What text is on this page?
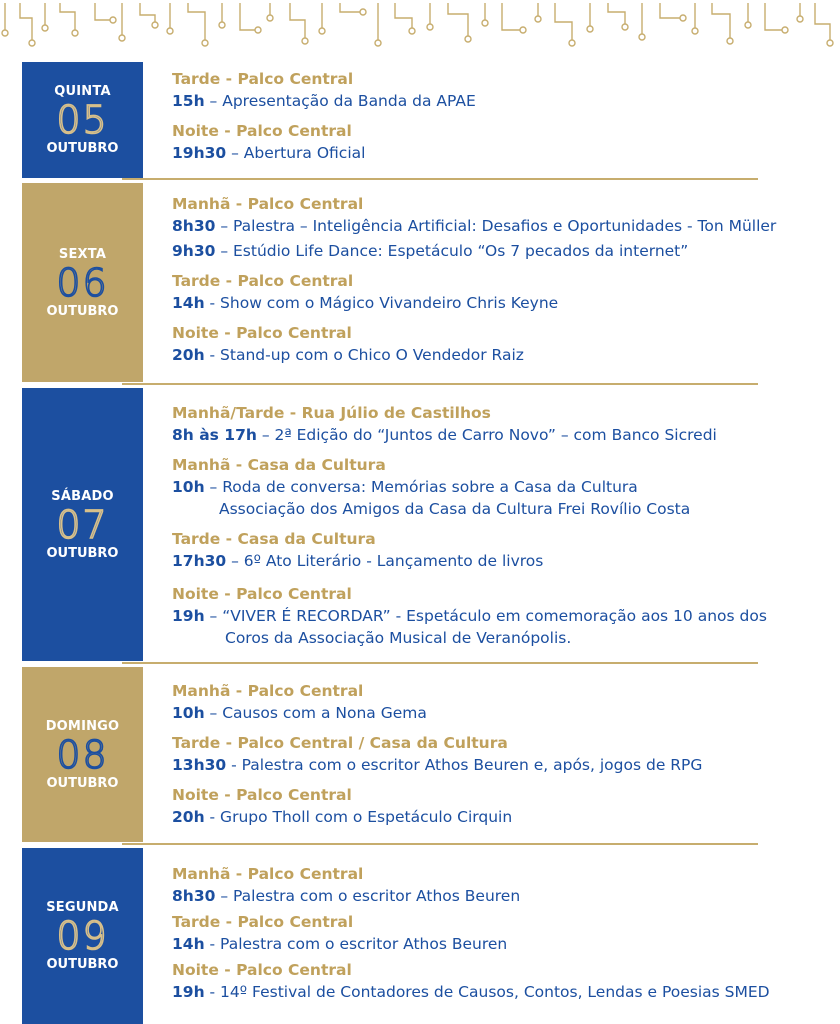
QUINTA
05
OUTUBRO
Tarde - Palco Central
15h – Apresentação da Banda da APAE
Noite - Palco Central
19h30 – Abertura Oficial
SEXTA
06
OUTUBRO
Manhã - Palco Central
8h30 – Palestra – Inteligência Artificial: Desafios e Oportunidades - Ton Müller
9h30 – Estúdio Life Dance: Espetáculo “Os 7 pecados da internet”
Tarde - Palco Central
14h - Show com o Mágico Vivandeiro Chris Keyne
Noite - Palco Central
20h - Stand-up com o Chico O Vendedor Raiz
SÁBADO
07
OUTUBRO
Manhã/Tarde - Rua Júlio de Castilhos
8h às 17h – 2ª Edição do “Juntos de Carro Novo” – com Banco Sicredi
Manhã - Casa da Cultura
10h – Roda de conversa: Memórias sobre a Casa da Cultura
Associação dos Amigos da Casa da Cultura Frei Rovílio Costa
Tarde - Casa da Cultura
17h30 – 6º Ato Literário - Lançamento de livros
Noite - Palco Central
19h – “VIVER É RECORDAR” - Espetáculo em comemoração aos 10 anos dos
Coros da Associação Musical de Veranópolis.
DOMINGO
08
OUTUBRO
Manhã - Palco Central
10h – Causos com a Nona Gema
Tarde - Palco Central / Casa da Cultura
13h30 - Palestra com o escritor Athos Beuren e, após, jogos de RPG
Noite - Palco Central
20h - Grupo Tholl com o Espetáculo Cirquin
SEGUNDA
09
OUTUBRO
Manhã - Palco Central
8h30 – Palestra com o escritor Athos Beuren
Tarde - Palco Central
14h - Palestra com o escritor Athos Beuren
Noite - Palco Central
19h - 14º Festival de Contadores de Causos, Contos, Lendas e Poesias SMED
